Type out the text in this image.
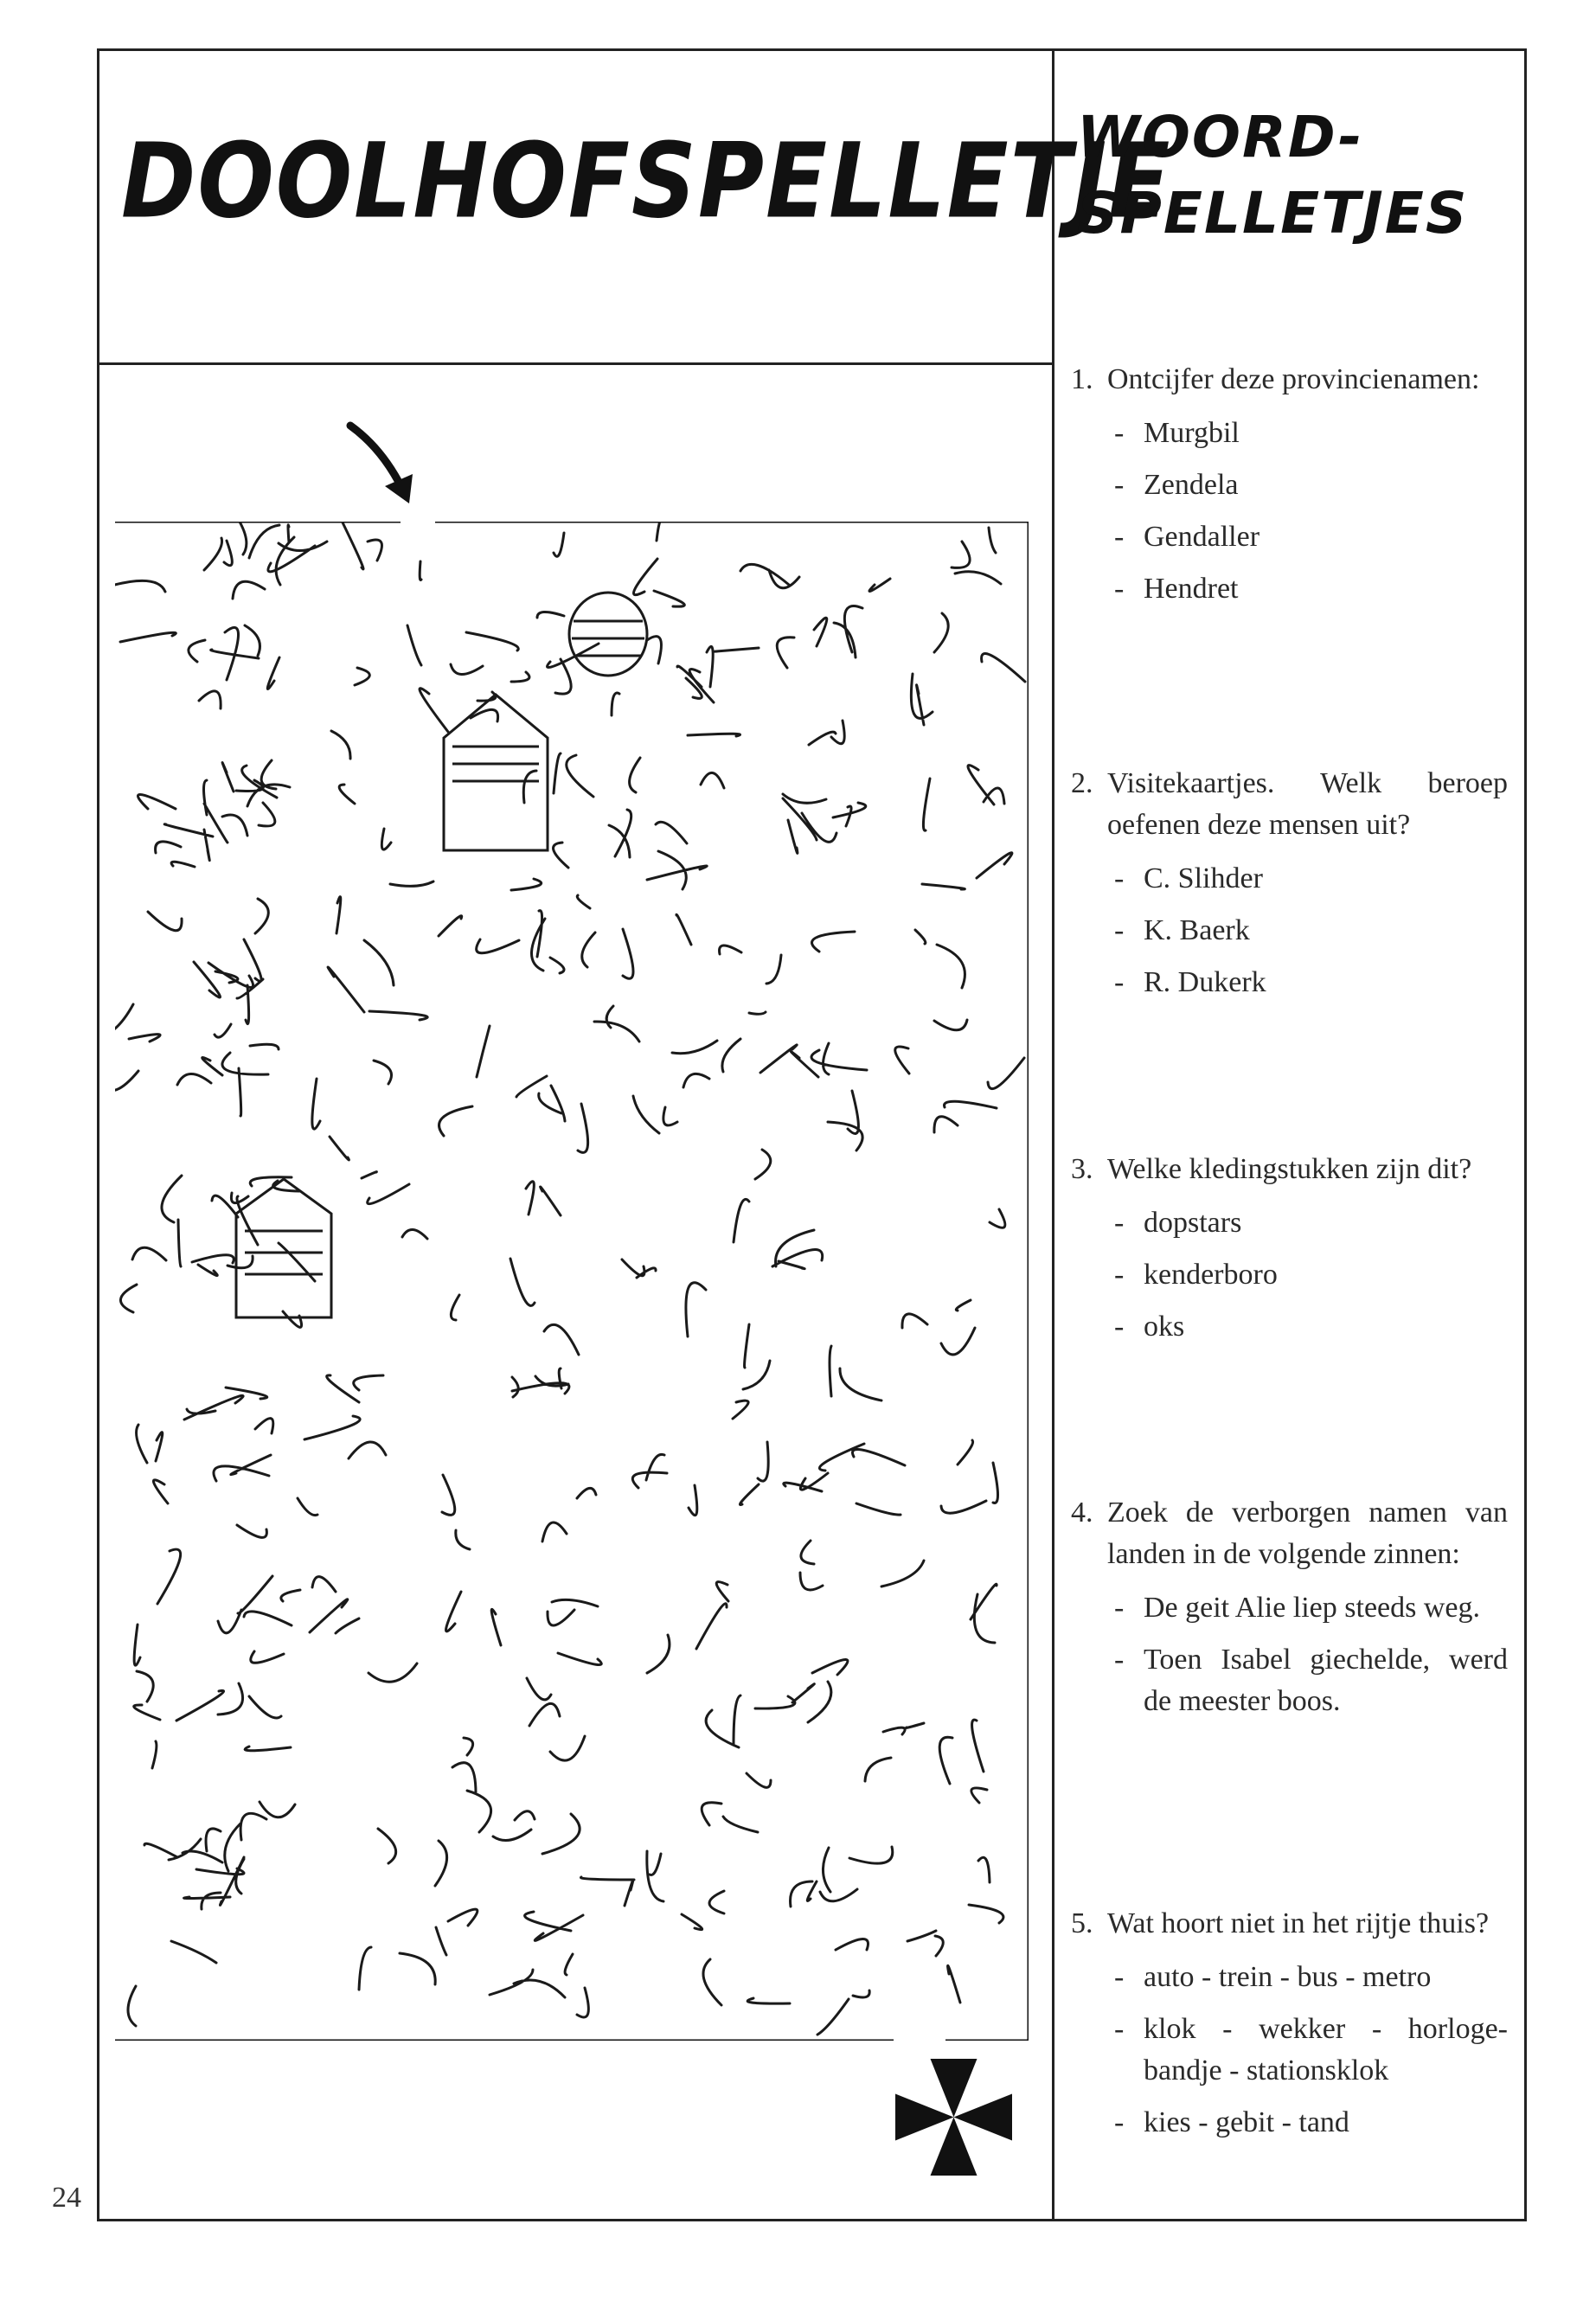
DOOLHOFSPELLETJE
WOORD-
SPELLETJES
24
1. Ontcijfer deze provincienamen:
- Murgbil
- Zendela
- Gendaller
- Hendret
2. Visitekaartjes. Welk beroep oefenen deze mensen uit?
- C. Slihder
- K. Baerk
- R. Dukerk
3. Welke kledingstukken zijn dit?
- dopstars
- kenderboro
- oks
4. Zoek de verborgen namen van landen in de volgende zinnen:
- De geit Alie liep steeds weg.
- Toen Isabel giechelde, werd de meester boos.
5. Wat hoort niet in het rijtje thuis?
- auto - trein - bus - metro
- klok - wekker - horloge-bandje - stationsklok
- kies - gebit - tand
